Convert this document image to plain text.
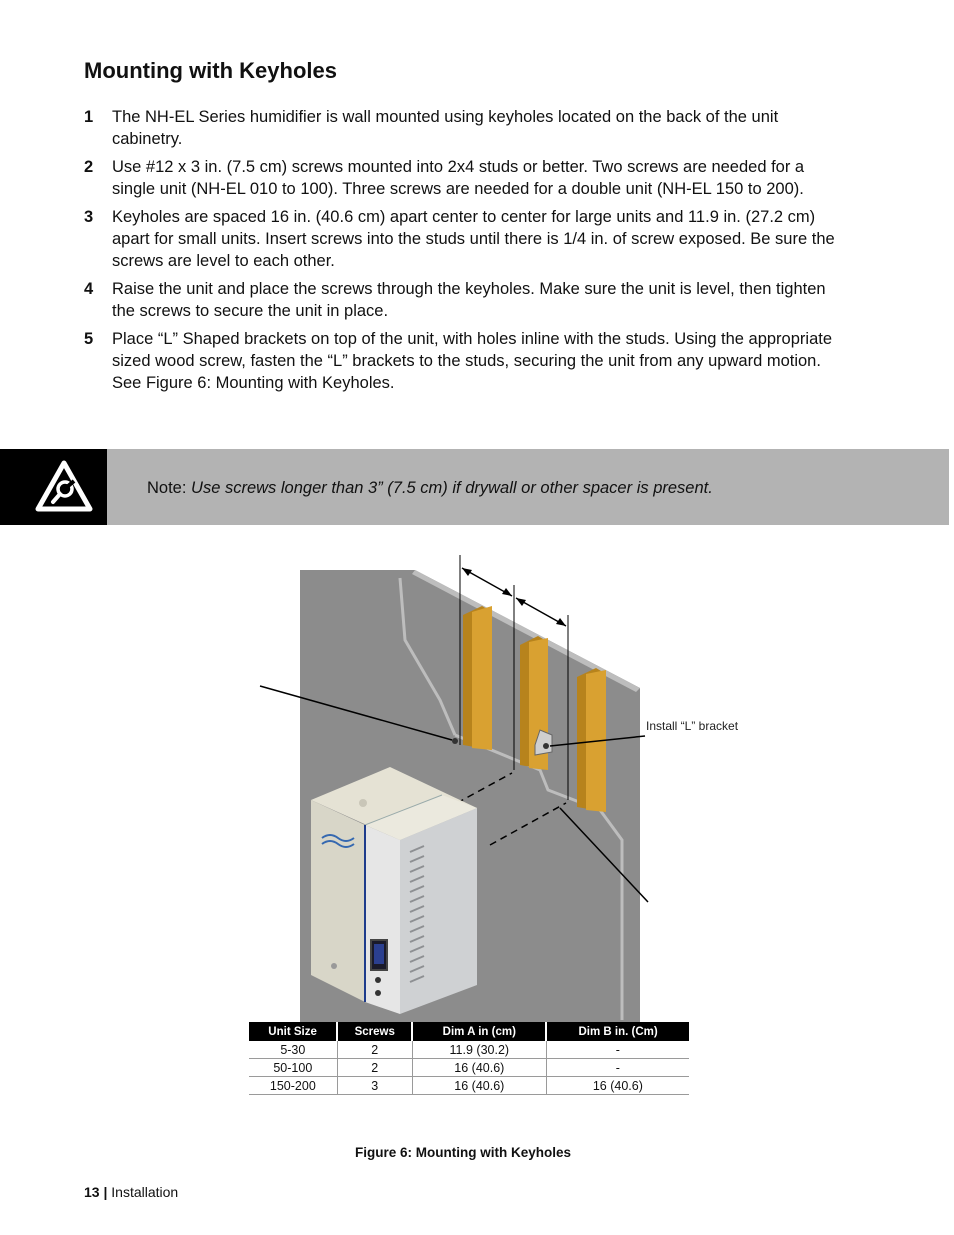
Mounting with Keyholes
1 The NH-EL Series humidifier is wall mounted using keyholes located on the back of the unit cabinetry.
2 Use #12 x 3 in. (7.5 cm) screws mounted into 2x4 studs or better. Two screws are needed for a single unit (NH-EL 010 to 100). Three screws are needed for a double unit (NH-EL 150 to 200).
3 Keyholes are spaced 16 in. (40.6 cm) apart center to center for large units and 11.9 in. (27.2 cm) apart for small units. Insert screws into the studs until there is 1/4 in. of screw exposed. Be sure the screws are level to each other.
4 Raise the unit and place the screws through the keyholes. Make sure the unit is level, then tighten the screws to secure the unit in place.
5 Place “L” Shaped brackets on top of the unit, with holes inline with the studs. Using the appropriate sized wood screw, fasten the “L” brackets to the studs, securing the unit from any upward motion. See Figure 6: Mounting with Keyholes.
Note: Use screws longer than 3” (7.5 cm) if drywall or other spacer is present.
Install “L” bracket
Unit Size	Screws	Dim A in (cm)	Dim B in. (Cm)
5-30	2	11.9 (30.2)	-
50-100	2	16 (40.6)	-
150-200	3	16 (40.6)	16 (40.6)
Figure 6: Mounting with Keyholes
13 | Installation
